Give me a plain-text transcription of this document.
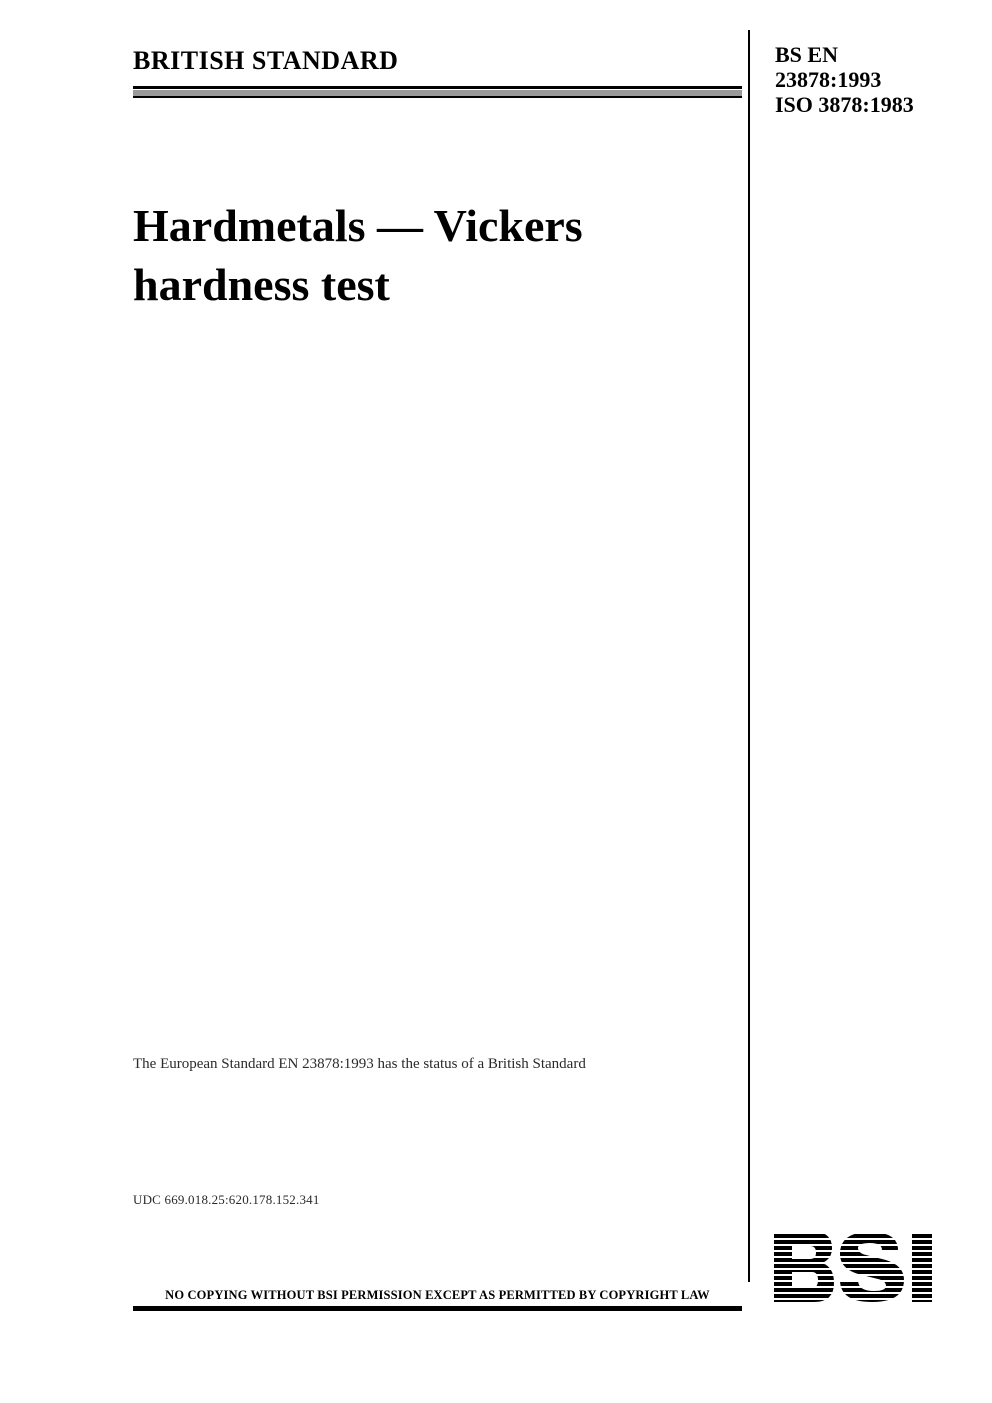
BRITISH STANDARD	BS EN
23878:1993
ISO 3878:1983
Hardmetals — Vickers hardness test
The European Standard EN 23878:1993 has the status of a British Standard
UDC 669.018.25:620.178.152.341
NO COPYING WITHOUT BSI PERMISSION EXCEPT AS PERMITTED BY COPYRIGHT LAW
